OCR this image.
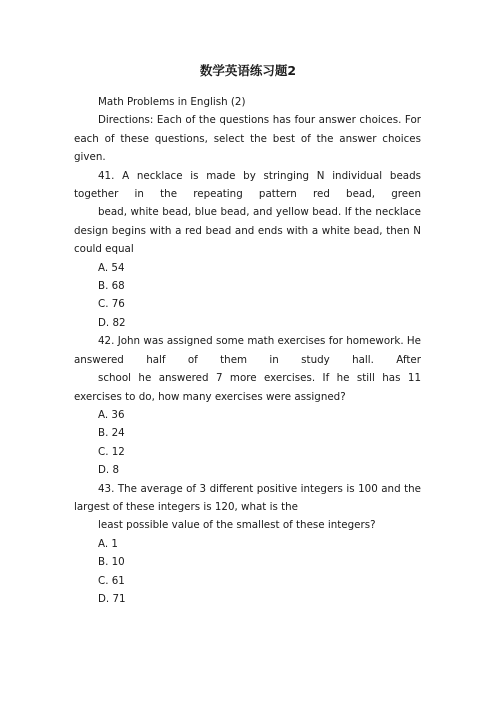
数学英语练习题2

Math Problems in English (2)

Directions: Each of the questions has four answer choices. For each of these questions, select the best of the answer choices given.

41. A necklace is made by stringing N individual beads together in the repeating pattern red bead, green

bead, white bead, blue bead, and yellow bead. If the necklace design begins with a red bead and ends with a white bead, then N could equal

A. 54

B. 68

C. 76

D. 82

42. John was assigned some math exercises for homework. He answered half of them in study hall. After

school he answered 7 more exercises. If he still has 11 exercises to do, how many exercises were assigned?

A. 36

B. 24

C. 12

D. 8

43. The average of 3 different positive integers is 100 and the largest of these integers is 120, what is the

least possible value of the smallest of these integers?

A. 1

B. 10

C. 61

D. 71
